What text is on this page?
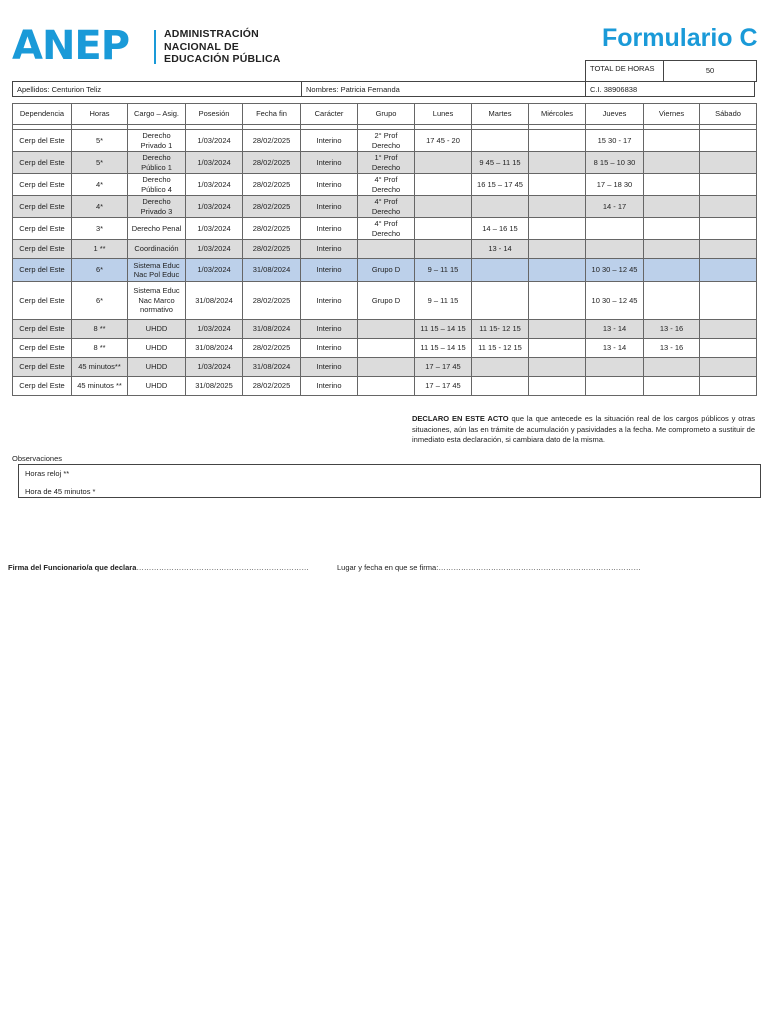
ANEP	ADMINISTRACIÓN
NACIONAL DE
EDUCACIÓN PÚBLICA
Formulario C
TOTAL DE HORAS	50
Apellidos: Centurion Teliz	Nombres: Patricia Fernanda	C.I. 38906838
Dependencia	Horas	Cargo – Asig.	Posesión	Fecha fin	Carácter	Grupo	Lunes	Martes	Miércoles	Jueves	Viernes	Sábado

Cerp del Este	5*	Derecho Privado 1	1/03/2024	28/02/2025	Interino	2° Prof Derecho	17 45 - 20			15 30 - 17		
Cerp del Este	5*	Derecho Público 1	1/03/2024	28/02/2025	Interino	1° Prof Derecho		9 45 – 11 15		8 15 – 10 30		
Cerp del Este	4*	Derecho Público 4	1/03/2024	28/02/2025	Interino	4° Prof Derecho		16 15 – 17 45		17 – 18 30		
Cerp del Este	4*	Derecho Privado 3	1/03/2024	28/02/2025	Interino	4° Prof Derecho				14 - 17		
Cerp del Este	3*	Derecho Penal	1/03/2024	28/02/2025	Interino	4° Prof Derecho		14 – 16 15				
Cerp del Este	1 **	Coordinación	1/03/2024	28/02/2025	Interino			13 - 14				
Cerp del Este	6*	Sistema Educ Nac Pol Educ	1/03/2024	31/08/2024	Interino	Grupo D	9 – 11 15			10 30 – 12 45		
Cerp del Este	6*	Sistema Educ Nac Marco normativo	31/08/2024	28/02/2025	Interino	Grupo D	9 – 11 15			10 30 – 12 45		
Cerp del Este	8 **	UHDD	1/03/2024	31/08/2024	Interino		11 15 – 14 15	11 15- 12 15		13 - 14	13 - 16	
Cerp del Este	8 **	UHDD	31/08/2024	28/02/2025	Interino		11 15 – 14 15	11 15 - 12 15		13 - 14	13 - 16	
Cerp del Este	45 minutos**	UHDD	1/03/2024	31/08/2024	Interino		17 – 17 45					
Cerp del Este	45 minutos **	UHDD	31/08/2025	28/02/2025	Interino		17 – 17 45					
DECLARO EN ESTE ACTO que la que antecede es la situación real de los cargos públicos y otras situaciones, aún las en trámite de acumulación y pasividades a la fecha. Me comprometo a sustituir de inmediato esta declaración, si cambiara dato de la misma.
Observaciones
Horas reloj **
Hora de 45 minutos *
Firma del Funcionario/a que declara……………………………………………………………	Lugar y fecha en que se firma:………………………………………………………………………
